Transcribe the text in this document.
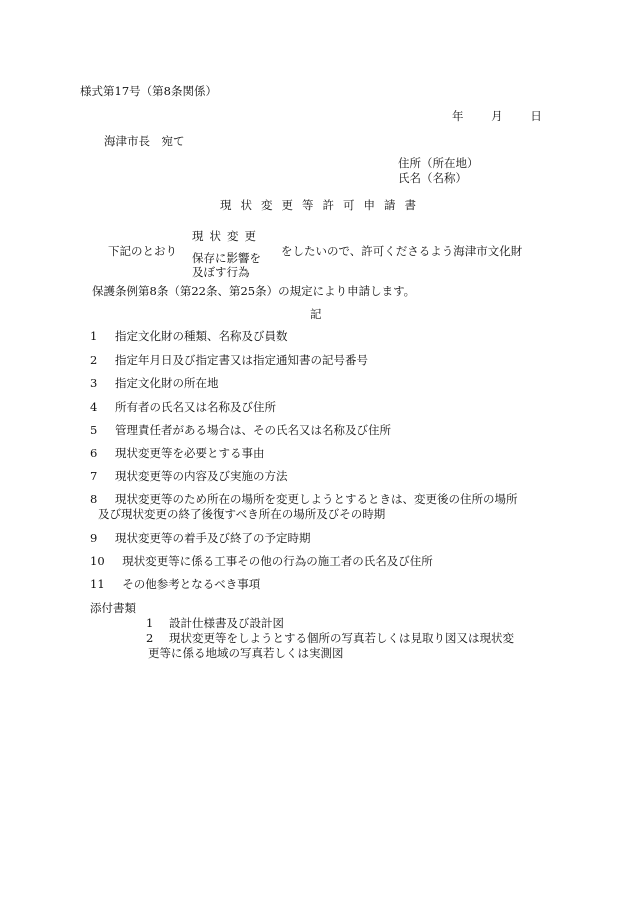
様式第17号（第8条関係）
年 月 日
海津市長　宛て
住所（所在地）
氏名（名称）
現状変更等許可申請書
下記のとおり
現状変更
保存に影響を
及ぼす行為
をしたいので、許可くださるよう海津市文化財
保護条例第8条（第22条、第25条）の規定により申請します。
記
1 指定文化財の種類、名称及び員数
2 指定年月日及び指定書又は指定通知書の記号番号
3 指定文化財の所在地
4 所有者の氏名又は名称及び住所
5 管理責任者がある場合は、その氏名又は名称及び住所
6 現状変更等を必要とする事由
7 現状変更等の内容及び実施の方法
8 現状変更等のため所在の場所を変更しようとするときは、変更後の住所の場所
及び現状変更の終了後復すべき所在の場所及びその時期
9 現状変更等の着手及び終了の予定時期
10 現状変更等に係る工事その他の行為の施工者の氏名及び住所
11 その他参考となるべき事項
添付書類
1 設計仕様書及び設計図
2 現状変更等をしようとする個所の写真若しくは見取り図又は現状変
更等に係る地域の写真若しくは実測図
